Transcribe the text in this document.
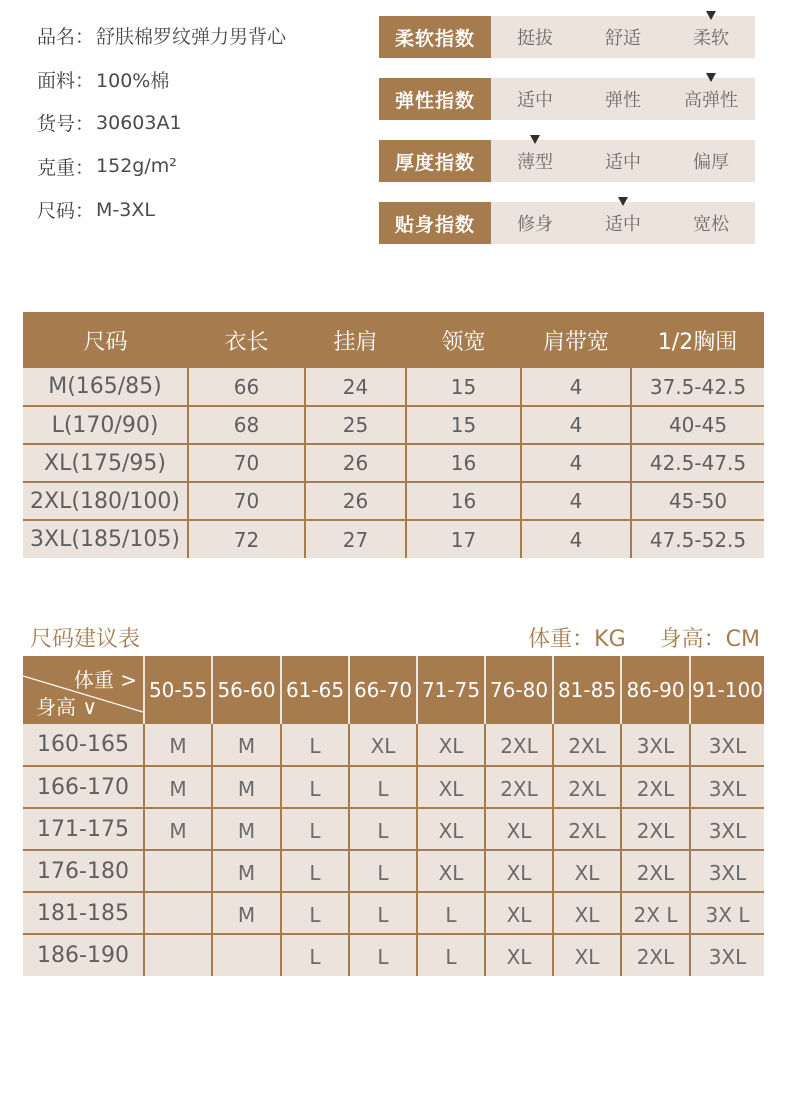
品名： 舒肤棉罗纹弹力男背心
面料： 100%棉
货号： 30603A1
克重： 152g/m²
尺码： M-3XL
柔软指数	挺拔	舒适	柔软
弹性指数	适中	弹性	高弹性
厚度指数	薄型	适中	偏厚
贴身指数	修身	适中	宽松
尺码	衣长	挂肩	领宽	肩带宽	1/2胸围
M(165/85)	66	24	15	4	37.5-42.5
L(170/90)	68	25	15	4	40-45
XL(175/95)	70	26	16	4	42.5-47.5
2XL(180/100)	70	26	16	4	45-50
3XL(185/105)	72	27	17	4	47.5-52.5
尺码建议表	体重：KG 身高：CM
体重 >
身高 ∨	50-55	56-60	61-65	66-70	71-75	76-80	81-85	86-90	91-100
160-165	M	M	L	XL	XL	2XL	2XL	3XL	3XL
166-170	M	M	L	L	XL	2XL	2XL	2XL	3XL
171-175	M	M	L	L	XL	XL	2XL	2XL	3XL
176-180		M	L	L	XL	XL	XL	2XL	3XL
181-185		M	L	L	L	XL	XL	2X L	3X L
186-190			L	L	L	XL	XL	2XL	3XL
